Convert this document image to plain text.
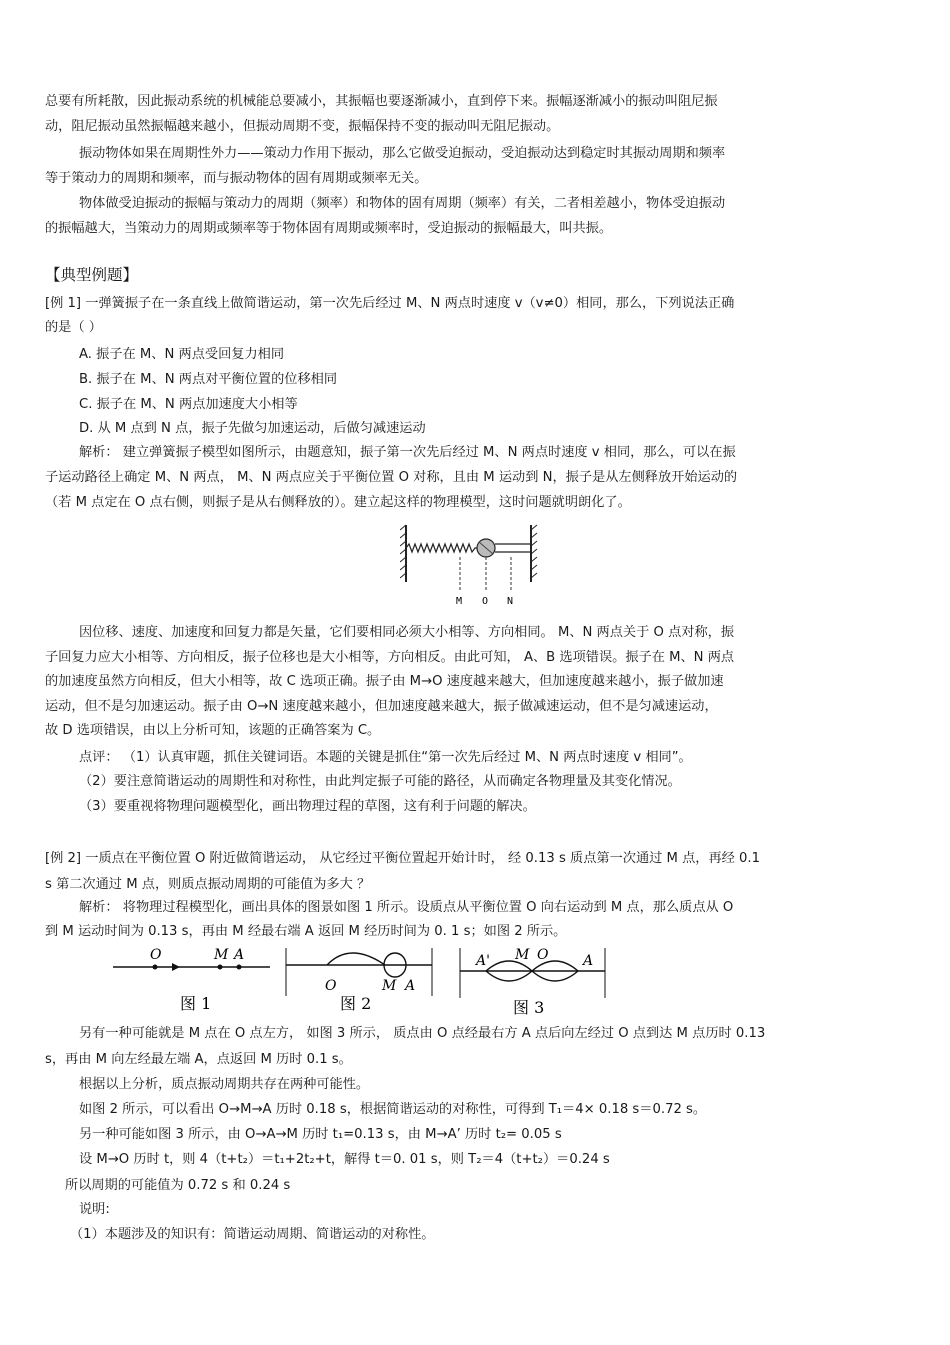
总要有所耗散，因此振动系统的机械能总要减小，其振幅也要逐渐减小，直到停下来。振幅逐渐减小的振动叫阻尼振
动，阻尼振动虽然振幅越来越小，但振动周期不变，振幅保持不变的振动叫无阻尼振动。
振动物体如果在周期性外力——策动力作用下振动，那么它做受迫振动，受迫振动达到稳定时其振动周期和频率
等于策动力的周期和频率，而与振动物体的固有周期或频率无关。
物体做受迫振动的振幅与策动力的周期（频率）和物体的固有周期（频率）有关，二者相差越小，物体受迫振动
的振幅越大，当策动力的周期或频率等于物体固有周期或频率时，受迫振动的振幅最大，叫共振。
【典型例题】
[例 1] 一弹簧振子在一条直线上做简谐运动，第一次先后经过 M、N 两点时速度 v（v≠0）相同，那么，下列说法正确
的是（ ）
A. 振子在 M、N 两点受回复力相同
B. 振子在 M、N 两点对平衡位置的位移相同
C. 振子在 M、N 两点加速度大小相等
D. 从 M 点到 N 点，振子先做匀加速运动，后做匀减速运动
解析： 建立弹簧振子模型如图所示，由题意知，振子第一次先后经过 M、N 两点时速度 v 相同，那么，可以在振
子运动路径上确定 M、N 两点， M、N 两点应关于平衡位置 O 对称，且由 M 运动到 N，振子是从左侧释放开始运动的
（若 M 点定在 O 点右侧，则振子是从右侧释放的）。建立起这样的物理模型，这时问题就明朗化了。
M O N
因位移、速度、加速度和回复力都是矢量，它们要相同必须大小相等、方向相同。 M、N 两点关于 O 点对称，振
子回复力应大小相等、方向相反，振子位移也是大小相等，方向相反。由此可知， A、B 选项错误。振子在 M、N 两点
的加速度虽然方向相反，但大小相等，故 C 选项正确。振子由 M→O 速度越来越大，但加速度越来越小，振子做加速
运动，但不是匀加速运动。振子由 O→N 速度越来越小，但加速度越来越大，振子做减速运动，但不是匀减速运动，
故 D 选项错误，由以上分析可知，该题的正确答案为 C。
点评： （1）认真审题，抓住关键词语。本题的关键是抓住“第一次先后经过 M、N 两点时速度 v 相同”。
（2）要注意简谐运动的周期性和对称性，由此判定振子可能的路径，从而确定各物理量及其变化情况。
（3）要重视将物理问题模型化，画出物理过程的草图，这有利于问题的解决。
[例 2] 一质点在平衡位置 O 附近做简谐运动， 从它经过平衡位置起开始计时， 经 0.13 s 质点第一次通过 M 点，再经 0.1
s 第二次通过 M 点，则质点振动周期的可能值为多大 ？
解析： 将物理过程模型化，画出具体的图景如图 1 所示。设质点从平衡位置 O 向右运动到 M 点，那么质点从 O
到 M 运动时间为 0.13 s，再由 M 经最右端 A 返回 M 经历时间为 0. 1 s；如图 2 所示。
O	M A
图 1
O	M A
图 2
A' M O A
图 3
另有一种可能就是 M 点在 O 点左方， 如图 3 所示， 质点由 O 点经最右方 A 点后向左经过 O 点到达 M 点历时 0.13
s，再由 M 向左经最左端 A，点返回 M 历时 0.1 s。
根据以上分析，质点振动周期共存在两种可能性。
如图 2 所示，可以看出 O→M→A 历时 0.18 s，根据简谐运动的对称性，可得到 T₁＝4× 0.18 s＝0.72 s。
另一种可能如图 3 所示，由 O→A→M 历时 t₁=0.13 s，由 M→A’ 历时 t₂= 0.05 s
设 M→O 历时 t，则 4（t+t₂）＝t₁+2t₂+t，解得 t＝0. 01 s，则 T₂＝4（t+t₂）＝0.24 s
所以周期的可能值为 0.72 s 和 0.24 s
说明:
（1）本题涉及的知识有：简谐运动周期、简谐运动的对称性。
